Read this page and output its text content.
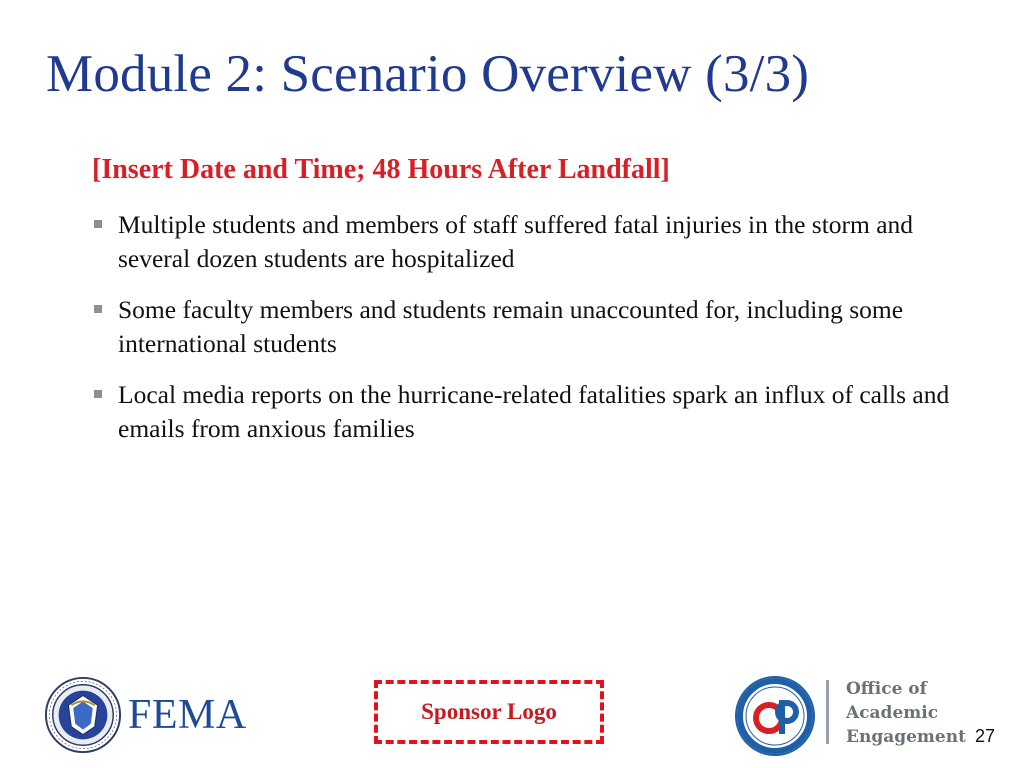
Module 2: Scenario Overview (3/3)
[Insert Date and Time; 48 Hours After Landfall]
Multiple students and members of staff suffered fatal injuries in the storm and several dozen students are hospitalized
Some faculty members and students remain unaccounted for, including some international students
Local media reports on the hurricane-related fatalities spark an influx of calls and emails from anxious families
FEMA	Sponsor Logo
Office of
Academic
Engagement 27
